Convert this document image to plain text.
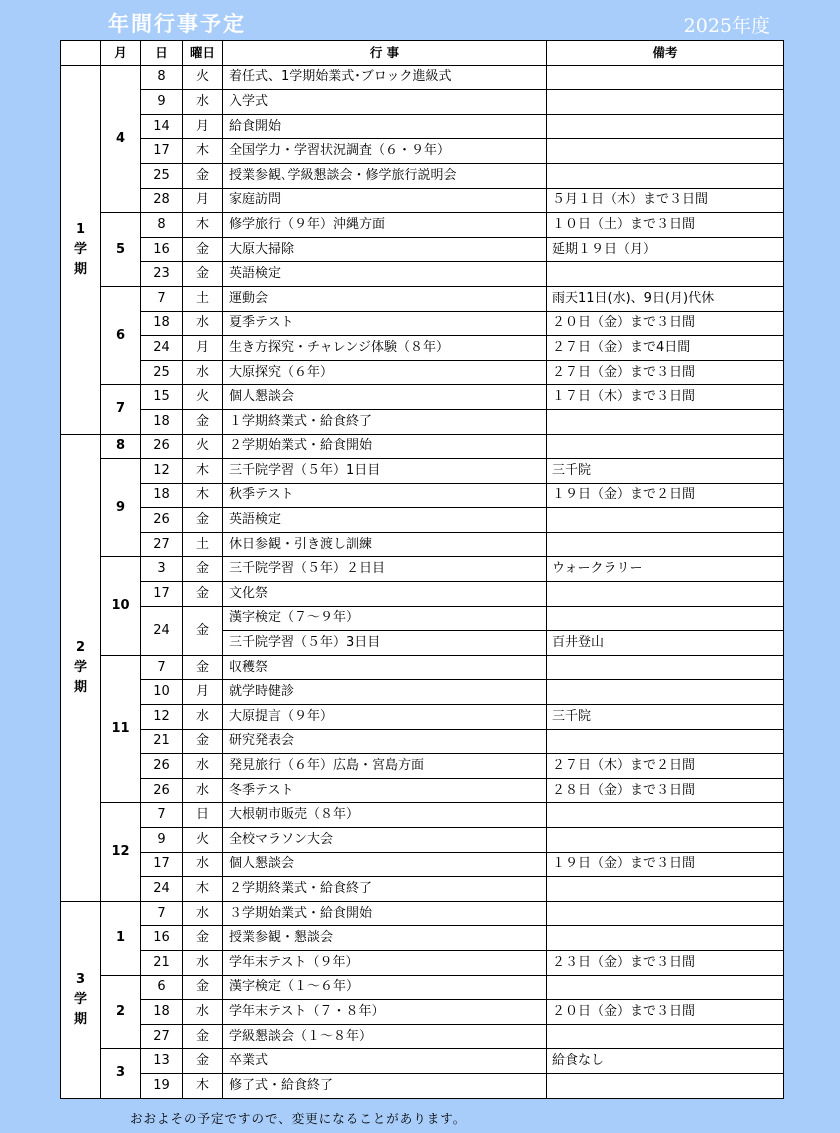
年間行事予定	2025年度
	月	日	曜日	行 事	備考
1学期	4	8	火	着任式、1学期始業式･ブロック進級式	
		9	水	入学式	
		14	月	給食開始	
		17	木	全国学力・学習状況調査（６・９年）	
		25	金	授業参観､学級懇談会・修学旅行説明会	
		28	月	家庭訪問	５月１日（木）まで３日間
	5	8	木	修学旅行（９年）沖縄方面	１０日（土）まで３日間
		16	金	大原大掃除	延期１９日（月）
		23	金	英語検定	
	6	7	土	運動会	雨天11日(水)、9日(月)代休
		18	水	夏季テスト	２０日（金）まで３日間
		24	月	生き方探究・チャレンジ体験（８年）	２７日（金）まで4日間
		25	水	大原探究（６年）	２７日（金）まで３日間
	7	15	火	個人懇談会	１７日（木）まで３日間
		18	金	１学期終業式・給食終了	
2学期	8	26	火	２学期始業式・給食開始	
	9	12	木	三千院学習（５年）1日目	三千院
		18	木	秋季テスト	１９日（金）まで２日間
		26	金	英語検定	
		27	土	休日参観・引き渡し訓練	
	10	3	金	三千院学習（５年）２日目	ウォークラリー
		17	金	文化祭	
		24	金	漢字検定（７～９年）	
				三千院学習（５年）3日目	百井登山
	11	7	金	収穫祭	
		10	月	就学時健診	
		12	水	大原提言（９年）	三千院
		21	金	研究発表会	
		26	水	発見旅行（６年）広島・宮島方面	２７日（木）まで２日間
		26	水	冬季テスト	２８日（金）まで３日間
	12	7	日	大根朝市販売（８年）	
		9	火	全校マラソン大会	
		17	水	個人懇談会	１９日（金）まで３日間
		24	木	２学期終業式・給食終了	
3学期	1	7	水	３学期始業式・給食開始	
		16	金	授業参観・懇談会	
		21	水	学年末テスト（９年）	２３日（金）まで３日間
	2	6	金	漢字検定（１～６年）	
		18	水	学年末テスト（７・８年）	２０日（金）まで３日間
		27	金	学級懇談会（１～８年）	
	3	13	金	卒業式	給食なし
		19	木	修了式・給食終了	
おおよその予定ですので、変更になることがあります。
